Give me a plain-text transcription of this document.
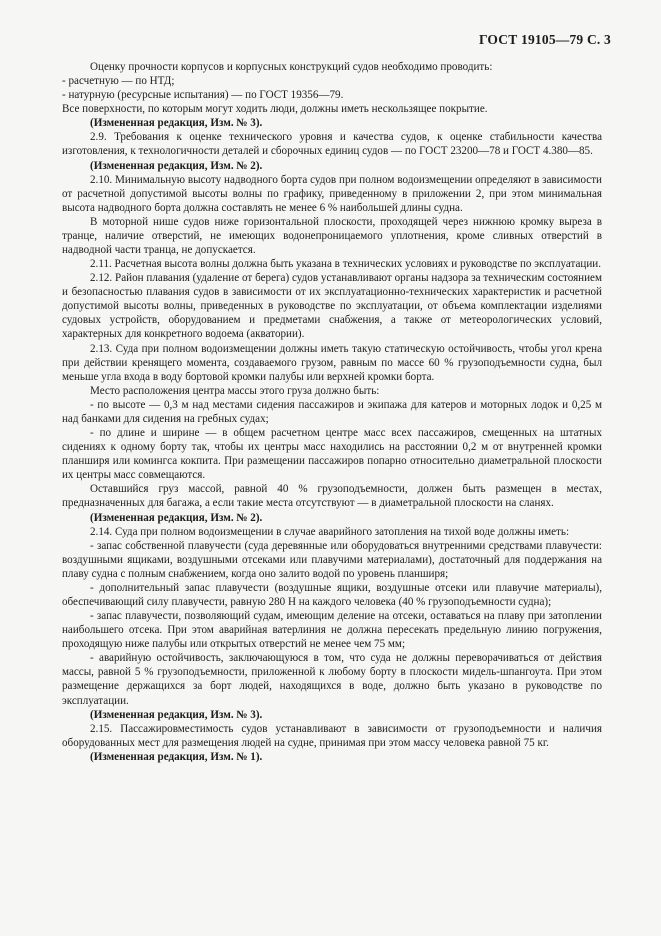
ГОСТ 19105—79 С. 3

Оценку прочности корпусов и корпусных конструкций судов необходимо проводить:

- расчетную — по НТД;

- натурную (ресурсные испытания) — по ГОСТ 19356—79.

Все поверхности, по которым могут ходить люди, должны иметь нескользящее покрытие.

(Измененная редакция, Изм. № 3).

2.9. Требования к оценке технического уровня и качества судов, к оценке стабильности качества изготовления, к технологичности деталей и сборочных единиц судов — по ГОСТ 23200—78 и ГОСТ 4.380—85.

(Измененная редакция, Изм. № 2).

2.10. Минимальную высоту надводного борта судов при полном водоизмещении определяют в зависимости от расчетной допустимой высоты волны по графику, приведенному в приложении 2, при этом минимальная высота надводного борта должна составлять не менее 6 % наибольшей длины судна.

В моторной нише судов ниже горизонтальной плоскости, проходящей через нижнюю кромку выреза в транце, наличие отверстий, не имеющих водонепроницаемого уплотнения, кроме сливных отверстий в надводной части транца, не допускается.

2.11. Расчетная высота волны должна быть указана в технических условиях и руководстве по эксплуатации.

2.12. Район плавания (удаление от берега) судов устанавливают органы надзора за техническим состоянием и безопасностью плавания судов в зависимости от их эксплуатационно-технических характеристик и расчетной допустимой высоты волны, приведенных в руководстве по эксплуатации, от объема комплектации изделиями судовых устройств, оборудованием и предметами снабжения, а также от метеорологических условий, характерных для конкретного водоема (акватории).

2.13. Суда при полном водоизмещении должны иметь такую статическую остойчивость, чтобы угол крена при действии кренящего момента, создаваемого грузом, равным по массе 60 % грузоподъемности судна, был меньше угла входа в воду бортовой кромки палубы или верхней кромки борта.

Место расположения центра массы этого груза должно быть:

- по высоте — 0,3 м над местами сидения пассажиров и экипажа для катеров и моторных лодок и 0,25 м над банками для сидения на гребных судах;

- по длине и ширине — в общем расчетном центре масс всех пассажиров, смещенных на штатных сидениях к одному борту так, чтобы их центры масс находились на расстоянии 0,2 м от внутренней кромки планширя или комингса кокпита. При размещении пассажиров попарно относительно диаметральной плоскости их центры масс совмещаются.

Оставшийся груз массой, равной 40 % грузоподъемности, должен быть размещен в местах, предназначенных для багажа, а если такие места отсутствуют — в диаметральной плоскости на сланях.

(Измененная редакция, Изм. № 2).

2.14. Суда при полном водоизмещении в случае аварийного затопления на тихой воде должны иметь:

- запас собственной плавучести (суда деревянные или оборудоваться внутренними средствами плавучести: воздушными ящиками, воздушными отсеками или плавучими материалами), достаточный для поддержания на плаву судна с полным снабжением, когда оно залито водой по уровень планширя;

- дополнительный запас плавучести (воздушные ящики, воздушные отсеки или плавучие материалы), обеспечивающий силу плавучести, равную 280 Н на каждого человека (40 % грузоподъемности судна);

- запас плавучести, позволяющий судам, имеющим деление на отсеки, оставаться на плаву при затоплении наибольшего отсека. При этом аварийная ватерлиния не должна пересекать предельную линию погружения, проходящую ниже палубы или открытых отверстий не менее чем 75 мм;

- аварийную остойчивость, заключающуюся в том, что суда не должны переворачиваться от действия массы, равной 5 % грузоподъемности, приложенной к любому борту в плоскости мидель-шпангоута. При этом размещение держащихся за борт людей, находящихся в воде, должно быть указано в руководстве по эксплуатации.

(Измененная редакция, Изм. № 3).

2.15. Пассажировместимость судов устанавливают в зависимости от грузоподъемности и наличия оборудованных мест для размещения людей на судне, принимая при этом массу человека равной 75 кг.

(Измененная редакция, Изм. № 1).
